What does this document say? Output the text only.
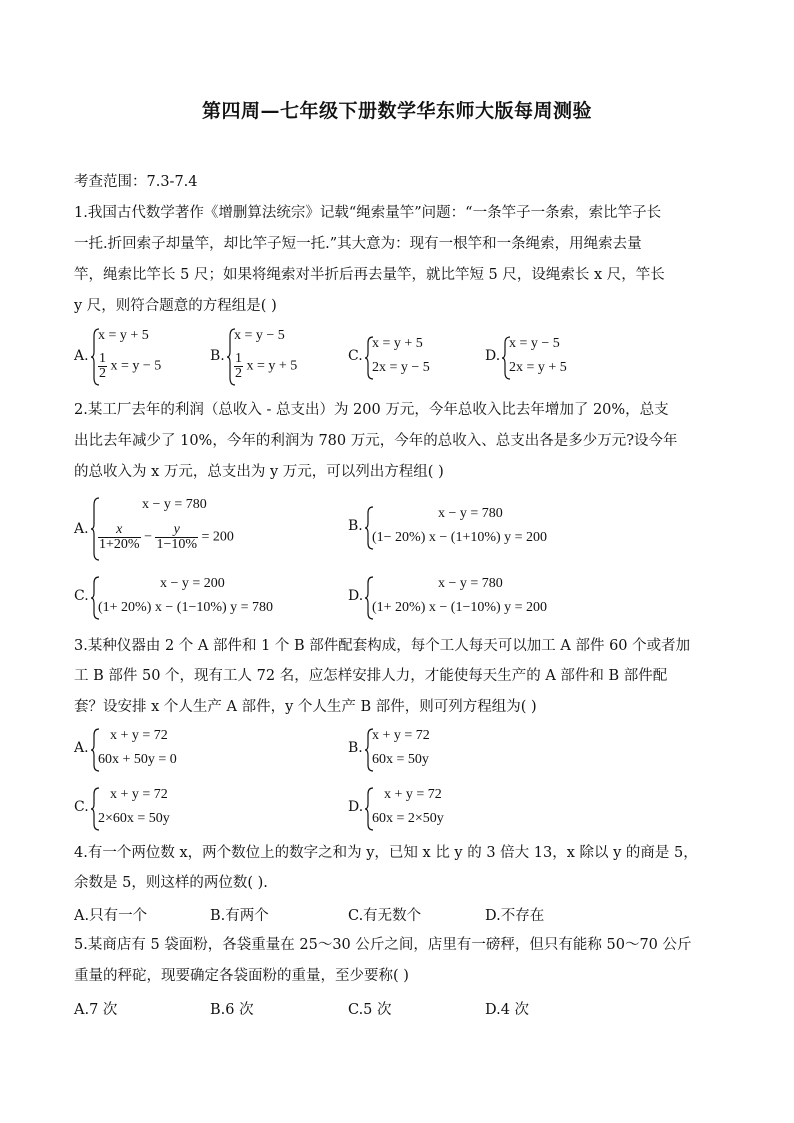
第四周—七年级下册数学华东师大版每周测验
考查范围：7.3-7.4
1.我国古代数学著作《增删算法统宗》记载“绳索量竿”问题：“一条竿子一条索，索比竿子长
一托.折回索子却量竿，却比竿子短一托.”其大意为：现有一根竿和一条绳索，用绳索去量
竿，绳索比竿长 5 尺；如果将绳索对半折后再去量竿，就比竿短 5 尺，设绳索长 x 尺，竿长
y 尺，则符合题意的方程组是( )
A.
x = y + 5
$\frac{1}{2}$ x = y − 5
B.
x = y − 5
$\frac{1}{2}$ x = y + 5
C.
x = y + 5
2x = y − 5
D.
x = y − 5
2x = y + 5
2.某工厂去年的利润（总收入 - 总支出）为 200 万元，今年总收入比去年增加了 20%，总支
出比去年减少了 10%，今年的利润为 780 万元，今年的总收入、总支出各是多少万元?设今年
的总收入为 x 万元，总支出为 y 万元，可以列出方程组( )
A.
x − y = 780
$\frac{x}{1+20\%} - \frac{y}{1-10\%} = 200$
B.
x − y = 780
(1− 20%) x − (1+10%) y = 200
C.
x − y = 200
(1+ 20%) x − (1−10%) y = 780
D.
x − y = 780
(1+ 20%) x − (1−10%) y = 200
3.某种仪器由 2 个 A 部件和 1 个 B 部件配套构成，每个工人每天可以加工 A 部件 60 个或者加
工 B 部件 50 个，现有工人 72 名，应怎样安排人力，才能使每天生产的 A 部件和 B 部件配
套？设安排 x 个人生产 A 部件，y 个人生产 B 部件，则可列方程组为( )
A.
x + y = 72
60x + 50y = 0
B.
x + y = 72
60x = 50y
C.
x + y = 72
2×60x = 50y
D.
x + y = 72
60x = 2×50y
4.有一个两位数 x，两个数位上的数字之和为 y，已知 x 比 y 的 3 倍大 13，x 除以 y 的商是 5，
余数是 5，则这样的两位数( ).
A.只有一个	B.有两个	C.有无数个	D.不存在
5.某商店有 5 袋面粉，各袋重量在 25～30 公斤之间，店里有一磅秤，但只有能称 50～70 公斤
重量的秤砣，现要确定各袋面粉的重量，至少要称( )
A.7 次	B.6 次	C.5 次	D.4 次
